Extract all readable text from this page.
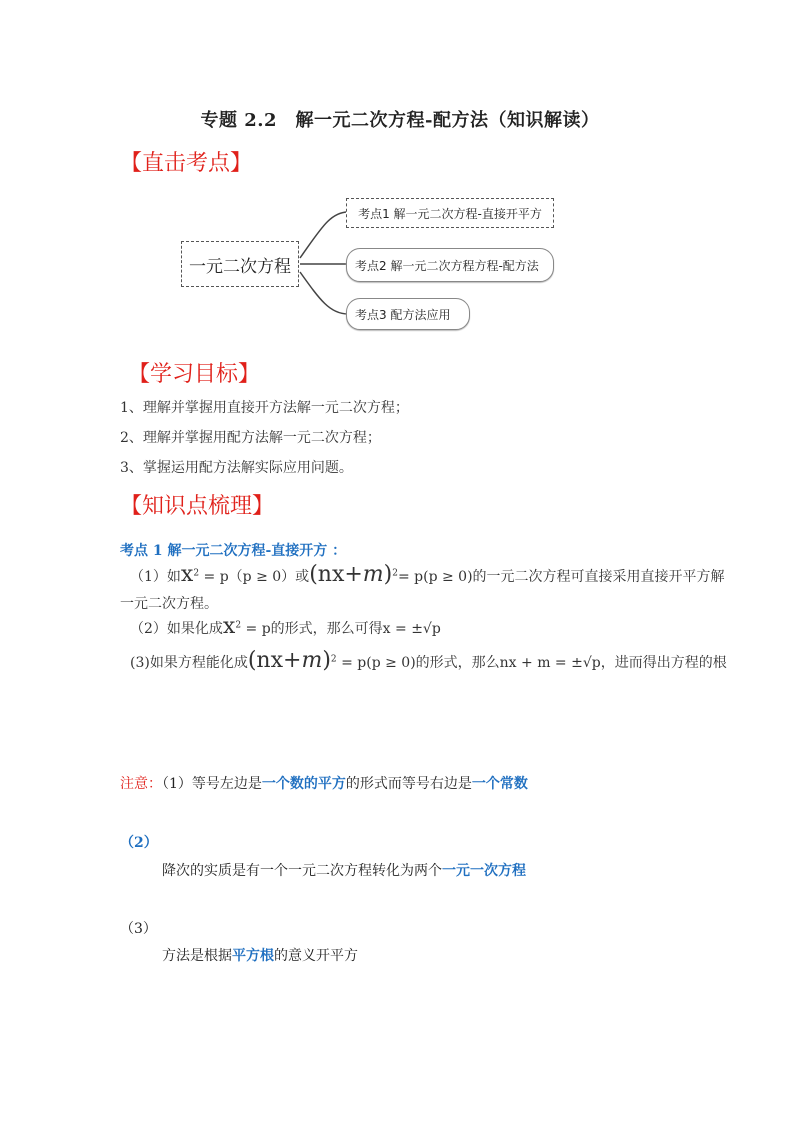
专题 2.2　解一元二次方程-配方法（知识解读）
【直击考点】
一元二次方程
考点1 解一元二次方程-直接开平方
考点2 解一元二次方程方程-配方法
考点3 配方法应用
【学习目标】
1、理解并掌握用直接开方法解一元二次方程；
2、理解并掌握用配方法解一元二次方程；
3、掌握运用配方法解实际应用问题。
【知识点梳理】
考点 1 解一元二次方程-直接开方 ：
（1）如$x^2 = p(p \ge 0)$或$(nx+m)^2= p(p \ge 0)$的一元二次方程可直接采用直接开平方解
一元二次方程。
（2）如果化成$x^2 = p$的形式，那么可得x = ±√p
(3)如果方程能化成$(nx+m)^2 = p(p \ge 0)$的形式，那么nx + m = ±√p，进而得出方程的根
注意：（1）等号左边是一个数的平方的形式而等号右边是一个常数
（2）
降次的实质是有一个一元二次方程转化为两个一元一次方程
（3）
方法是根据平方根的意义开平方
